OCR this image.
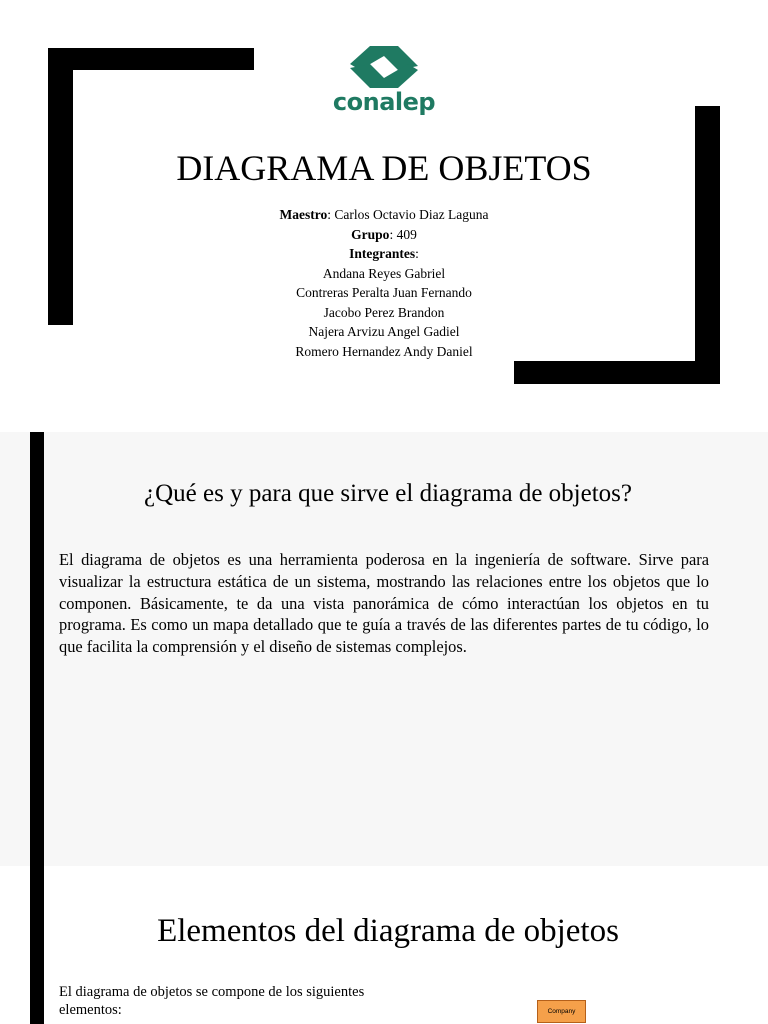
conalep
DIAGRAMA DE OBJETOS
Maestro: Carlos Octavio Diaz Laguna
Grupo: 409
Integrantes:
Andana Reyes Gabriel
Contreras Peralta Juan Fernando
Jacobo Perez Brandon
Najera Arvizu Angel Gadiel
Romero Hernandez Andy Daniel
¿Qué es y para que sirve el diagrama de objetos?

El diagrama de objetos es una herramienta poderosa en la ingeniería de software. Sirve para visualizar la estructura estática de un sistema, mostrando las relaciones entre los objetos que lo componen. Básicamente, te da una vista panorámica de cómo interactúan los objetos en tu programa. Es como un mapa detallado que te guía a través de las diferentes partes de tu código, lo que facilita la comprensión y el diseño de sistemas complejos.

Elementos del diagrama de objetos

El diagrama de objetos se compone de los siguientes elementos:	Company
